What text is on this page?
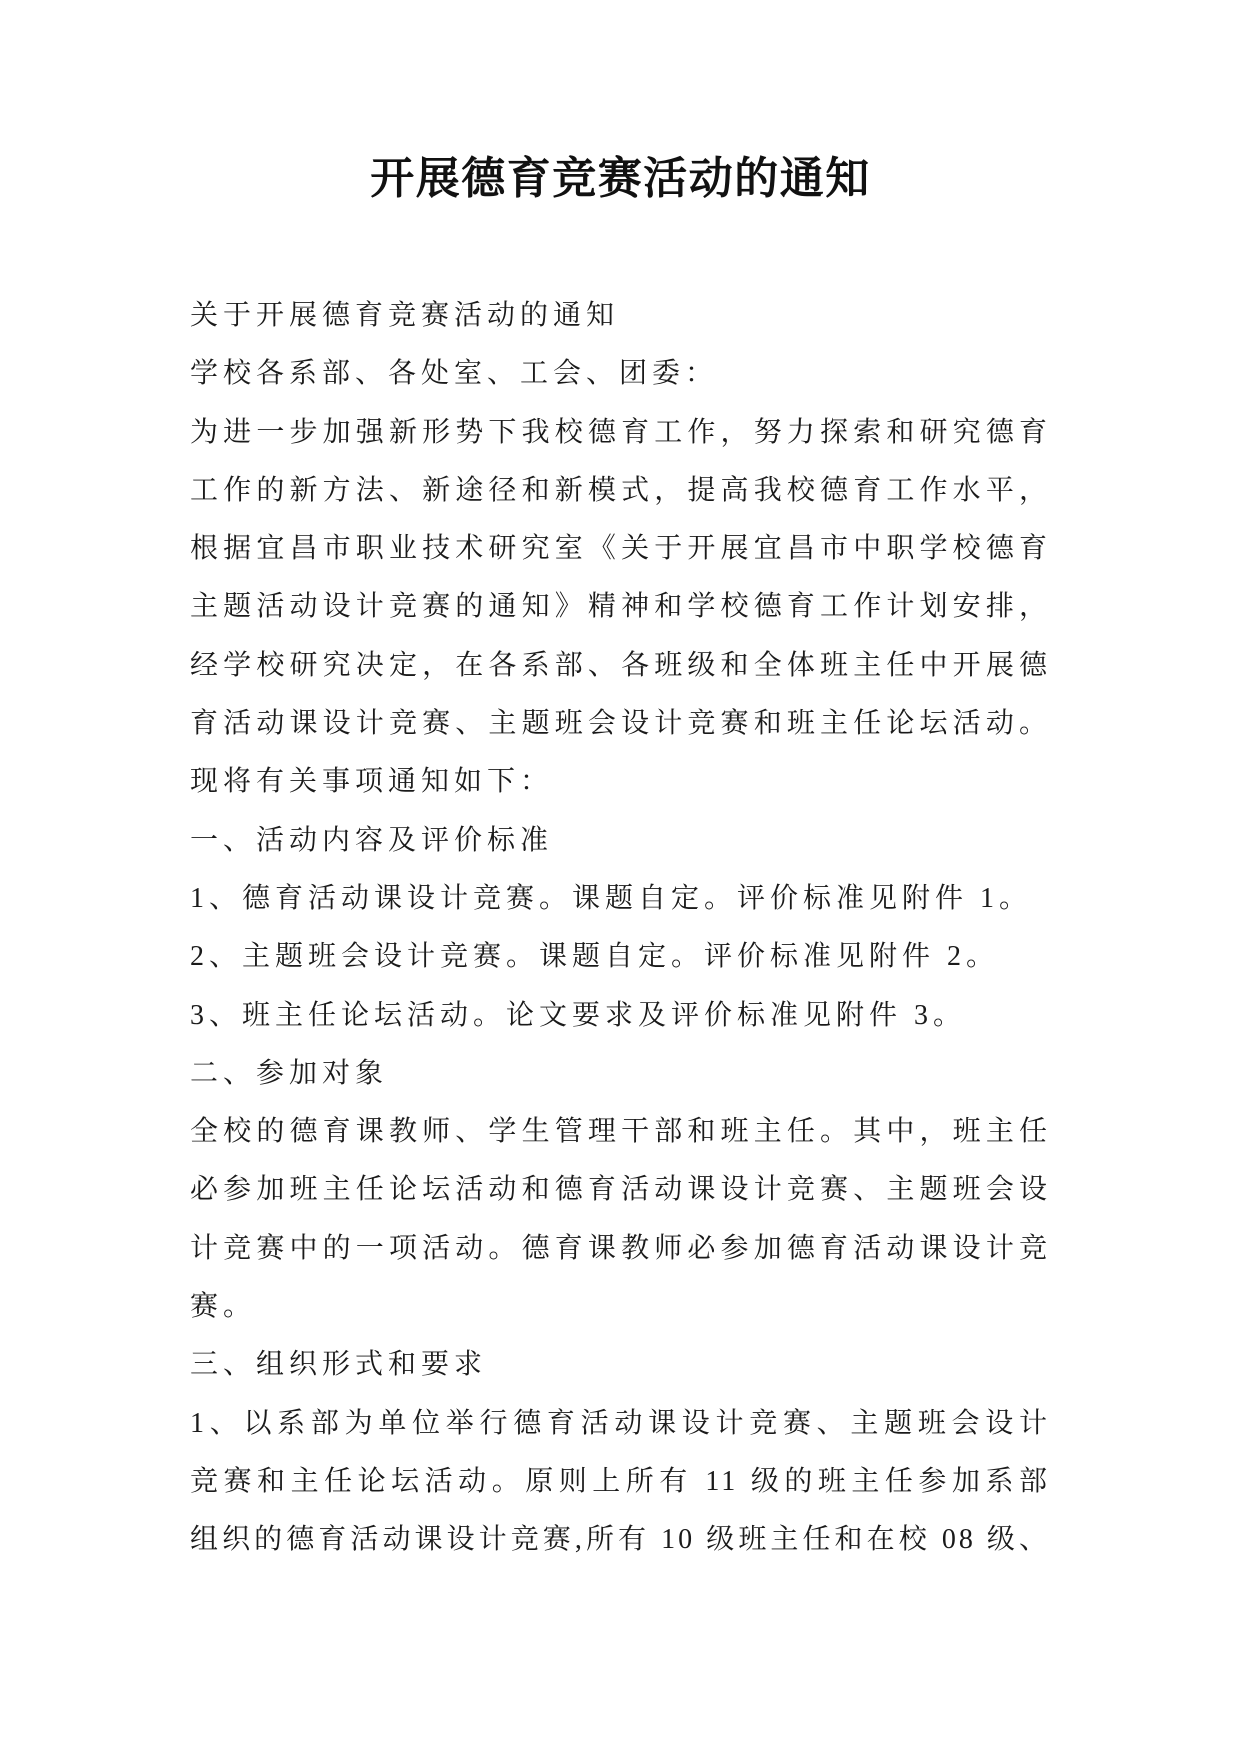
开展德育竞赛活动的通知
关于开展德育竞赛活动的通知
学校各系部、各处室、工会、团委：
为进一步加强新形势下我校德育工作，努力探索和研究德育
工作的新方法、新途径和新模式，提高我校德育工作水平，
根据宜昌市职业技术研究室《关于开展宜昌市中职学校德育
主题活动设计竞赛的通知》精神和学校德育工作计划安排，
经学校研究决定，在各系部、各班级和全体班主任中开展德
育活动课设计竞赛、主题班会设计竞赛和班主任论坛活动。
现将有关事项通知如下：
一、活动内容及评价标准
1、德育活动课设计竞赛。课题自定。评价标准见附件 1。
2、主题班会设计竞赛。课题自定。评价标准见附件 2。
3、班主任论坛活动。论文要求及评价标准见附件 3。
二、参加对象
全校的德育课教师、学生管理干部和班主任。其中，班主任
必参加班主任论坛活动和德育活动课设计竞赛、主题班会设
计竞赛中的一项活动。德育课教师必参加德育活动课设计竞
赛。
三、组织形式和要求
1、以系部为单位举行德育活动课设计竞赛、主题班会设计
竞赛和主任论坛活动。原则上所有 11 级的班主任参加系部
组织的德育活动课设计竞赛,所有 10 级班主任和在校 08 级、
